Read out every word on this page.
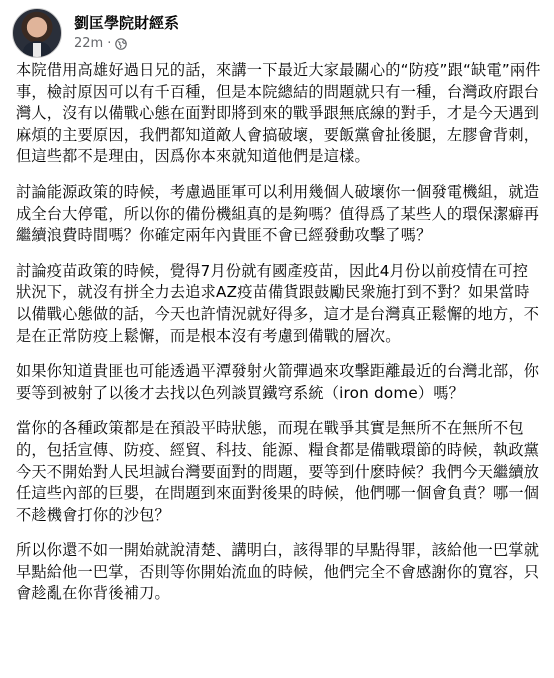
劉匡學院財經系
22m ·

本院借用高雄好過日兄的話，來講一下最近大家最關心的“防疫”跟“缺電”兩件事，檢討原因可以有千百種，但是本院總結的問題就只有一種，台灣政府跟台灣人，沒有以備戰心態在面對即將到來的戰爭跟無底線的對手，才是今天遇到麻煩的主要原因，我們都知道敵人會搞破壞，要飯黨會扯後腿，左膠會背刺，但這些都不是理由，因爲你本來就知道他們是這樣。

討論能源政策的時候，考慮過匪軍可以利用幾個人破壞你一個發電機組，就造成全台大停電，所以你的備份機組真的是夠嗎？值得爲了某些人的環保潔癖再繼續浪費時間嗎？你確定兩年內貴匪不會已經發動攻擊了嗎？

討論疫苗政策的時候，覺得7月份就有國產疫苗，因此4月份以前疫情在可控狀況下，就沒有拼全力去追求AZ疫苗備貨跟鼓勵民衆施打到不對？如果當時以備戰心態做的話，今天也許情況就好得多，這才是台灣真正鬆懈的地方，不是在正常防疫上鬆懈，而是根本沒有考慮到備戰的層次。

如果你知道貴匪也可能透過平潭發射火箭彈過來攻擊距離最近的台灣北部，你要等到被射了以後才去找以色列談買鐵穹系統（iron dome）嗎？

當你的各種政策都是在預設平時狀態，而現在戰爭其實是無所不在無所不包的，包括宣傳、防疫、經貿、科技、能源、糧食都是備戰環節的時候，執政黨今天不開始對人民坦誠台灣要面對的問題，要等到什麽時候？我們今天繼續放任這些內部的巨嬰，在問題到來面對後果的時候，他們哪一個會負責？哪一個不趁機會打你的沙包？

所以你還不如一開始就說清楚、講明白，該得罪的早點得罪，該給他一巴掌就早點給他一巴掌，否則等你開始流血的時候，他們完全不會感謝你的寬容，只會趁亂在你背後補刀。
